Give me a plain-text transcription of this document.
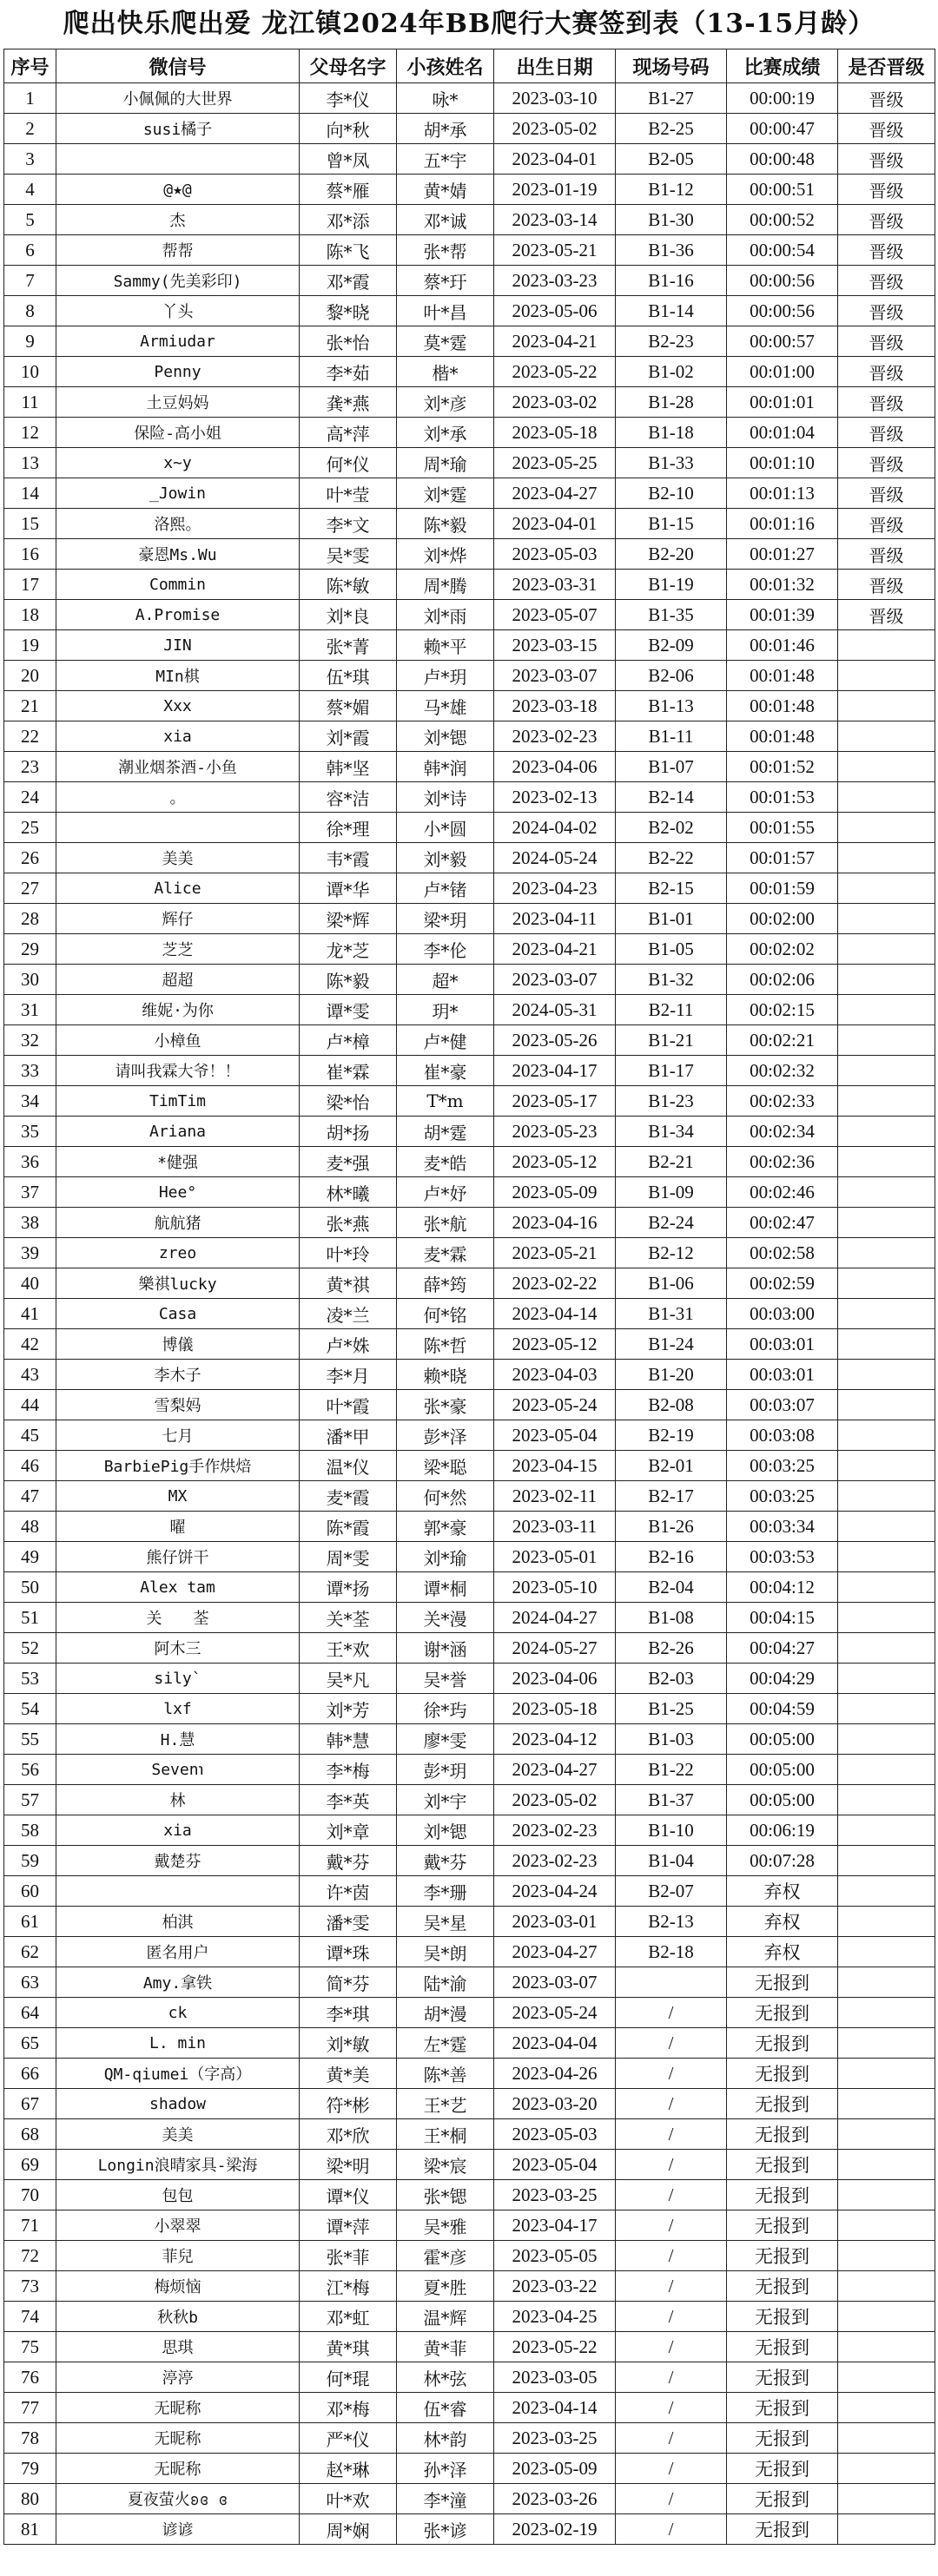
爬出快乐爬出爱 龙江镇2024年BB爬行大赛签到表（13-15月龄）
序号	微信号	父母名字	小孩姓名	出生日期	现场号码	比赛成绩	是否晋级
1	小佩佩的大世界	李*仪	咏*	2023-03-10	B1-27	00:00:19	晋级
2	susi橘子	向*秋	胡*承	2023-05-02	B2-25	00:00:47	晋级
3		曾*凤	五*宇	2023-04-01	B2-05	00:00:48	晋级
4	@★@	蔡*雁	黄*婧	2023-01-19	B1-12	00:00:51	晋级
5	杰	邓*添	邓*诚	2023-03-14	B1-30	00:00:52	晋级
6	帮帮	陈*飞	张*帮	2023-05-21	B1-36	00:00:54	晋级
7	Sammy(先美彩印)	邓*霞	蔡*玗	2023-03-23	B1-16	00:00:56	晋级
8	丫头	黎*晓	叶*昌	2023-05-06	B1-14	00:00:56	晋级
9	Armiudar	张*怡	莫*霆	2023-04-21	B2-23	00:00:57	晋级
10	Penny	李*茹	楷*	2023-05-22	B1-02	00:01:00	晋级
11	土豆妈妈	龚*燕	刘*彦	2023-03-02	B1-28	00:01:01	晋级
12	保险-高小姐	高*萍	刘*承	2023-05-18	B1-18	00:01:04	晋级
13	x~y	何*仪	周*瑜	2023-05-25	B1-33	00:01:10	晋级
14	_Jowin	叶*莹	刘*霆	2023-04-27	B2-10	00:01:13	晋级
15	洛熙。	李*文	陈*毅	2023-04-01	B1-15	00:01:16	晋级
16	豪恩Ms.Wu	吴*雯	刘*烨	2023-05-03	B2-20	00:01:27	晋级
17	Commin	陈*敏	周*腾	2023-03-31	B1-19	00:01:32	晋级
18	A.Promise	刘*良	刘*雨	2023-05-07	B1-35	00:01:39	晋级
19	JIN	张*菁	赖*平	2023-03-15	B2-09	00:01:46	
20	MIn棋	伍*琪	卢*玥	2023-03-07	B2-06	00:01:48	
21	Xxx	蔡*媚	马*雄	2023-03-18	B1-13	00:01:48	
22	xia	刘*霞	刘*锶	2023-02-23	B1-11	00:01:48	
23	潮业烟茶酒-小鱼	韩*坚	韩*润	2023-04-06	B1-07	00:01:52	
24	。	容*洁	刘*诗	2023-02-13	B2-14	00:01:53	
25		徐*理	小*圆	2024-04-02	B2-02	00:01:55	
26	美美	韦*霞	刘*毅	2024-05-24	B2-22	00:01:57	
27	Alice	谭*华	卢*锗	2023-04-23	B2-15	00:01:59	
28	辉仔	梁*辉	梁*玥	2023-04-11	B1-01	00:02:00	
29	芝芝	龙*芝	李*伦	2023-04-21	B1-05	00:02:02	
30	超超	陈*毅	超*	2023-03-07	B1-32	00:02:06	
31	维妮·为你	谭*雯	玥*	2024-05-31	B2-11	00:02:15	
32	小樟鱼	卢*樟	卢*健	2023-05-26	B1-21	00:02:21	
33	请叫我霖大爷！！	崔*霖	崔*豪	2023-04-17	B1-17	00:02:32	
34	TimTim	梁*怡	T*m	2023-05-17	B1-23	00:02:33	
35	Ariana	胡*扬	胡*霆	2023-05-23	B1-34	00:02:34	
36	*健强	麦*强	麦*皓	2023-05-12	B2-21	00:02:36	
37	Hee°	林*曦	卢*妤	2023-05-09	B1-09	00:02:46	
38	航航猪	张*燕	张*航	2023-04-16	B2-24	00:02:47	
39	zreo	叶*玲	麦*霖	2023-05-21	B2-12	00:02:58	
40	樂祺lucky	黄*祺	薛*筠	2023-02-22	B1-06	00:02:59	
41	Casa	凌*兰	何*铭	2023-04-14	B1-31	00:03:00	
42	博儀	卢*姝	陈*哲	2023-05-12	B1-24	00:03:01	
43	李木子	李*月	赖*晓	2023-04-03	B1-20	00:03:01	
44	雪梨妈	叶*霞	张*豪	2023-05-24	B2-08	00:03:07	
45	七月	潘*甲	彭*泽	2023-05-04	B2-19	00:03:08	
46	BarbiePig手作烘焙	温*仪	梁*聪	2023-04-15	B2-01	00:03:25	
47	MX	麦*霞	何*然	2023-02-11	B2-17	00:03:25	
48	曜	陈*霞	郭*豪	2023-03-11	B1-26	00:03:34	
49	熊仔饼干	周*雯	刘*瑜	2023-05-01	B2-16	00:03:53	
50	Alex tam	谭*扬	谭*桐	2023-05-10	B2-04	00:04:12	
51	关　　荃	关*荃	关*漫	2024-04-27	B1-08	00:04:15	
52	阿木三	王*欢	谢*涵	2024-05-27	B2-26	00:04:27	
53	sily`	吴*凡	吴*誉	2023-04-06	B2-03	00:04:29	
54	lxf	刘*芳	徐*玙	2023-05-18	B1-25	00:04:59	
55	H.慧	韩*慧	廖*雯	2023-04-12	B1-03	00:05:00	
56	Seven℩	李*梅	彭*玥	2023-04-27	B1-22	00:05:00	
57	林	李*英	刘*宇	2023-05-02	B1-37	00:05:00	
58	xia	刘*章	刘*锶	2023-02-23	B1-10	00:06:19	
59	戴楚芬	戴*芬	戴*芬	2023-02-23	B1-04	00:07:28	
60		许*茵	李*珊	2023-04-24	B2-07	弃权	
61	柏淇	潘*雯	吴*星	2023-03-01	B2-13	弃权	
62	匿名用户	谭*珠	吴*朗	2023-04-27	B2-18	弃权	
63	Amy.拿铁	简*芬	陆*渝	2023-03-07		无报到	
64	ck	李*琪	胡*漫	2023-05-24	/	无报到	
65	L. min	刘*敏	左*霆	2023-04-04	/	无报到	
66	QM-qiumei（字高）	黄*美	陈*善	2023-04-26	/	无报到	
67	shadow	符*彬	王*艺	2023-03-20	/	无报到	
68	美美	邓*欣	王*桐	2023-05-03	/	无报到	
69	Longin浪晴家具-梁海	梁*明	梁*宸	2023-05-04	/	无报到	
70	包包	谭*仪	张*锶	2023-03-25	/	无报到	
71	小翠翠	谭*萍	吴*雅	2023-04-17	/	无报到	
72	菲兒	张*菲	霍*彦	2023-05-05	/	无报到	
73	梅烦恼	江*梅	夏*胜	2023-03-22	/	无报到	
74	秋秋b	邓*虹	温*辉	2023-04-25	/	无报到	
75	思琪	黄*琪	黄*菲	2023-05-22	/	无报到	
76	渟渟	何*琨	林*弦	2023-03-05	/	无报到	
77	无昵称	邓*梅	伍*睿	2023-04-14	/	无报到	
78	无昵称	严*仪	林*韵	2023-03-25	/	无报到	
79	无昵称	赵*琳	孙*泽	2023-05-09	/	无报到	
80	夏夜萤火ʚɞ ɞ	叶*欢	李*潼	2023-03-26	/	无报到	
81	谚谚	周*娴	张*谚	2023-02-19	/	无报到	
